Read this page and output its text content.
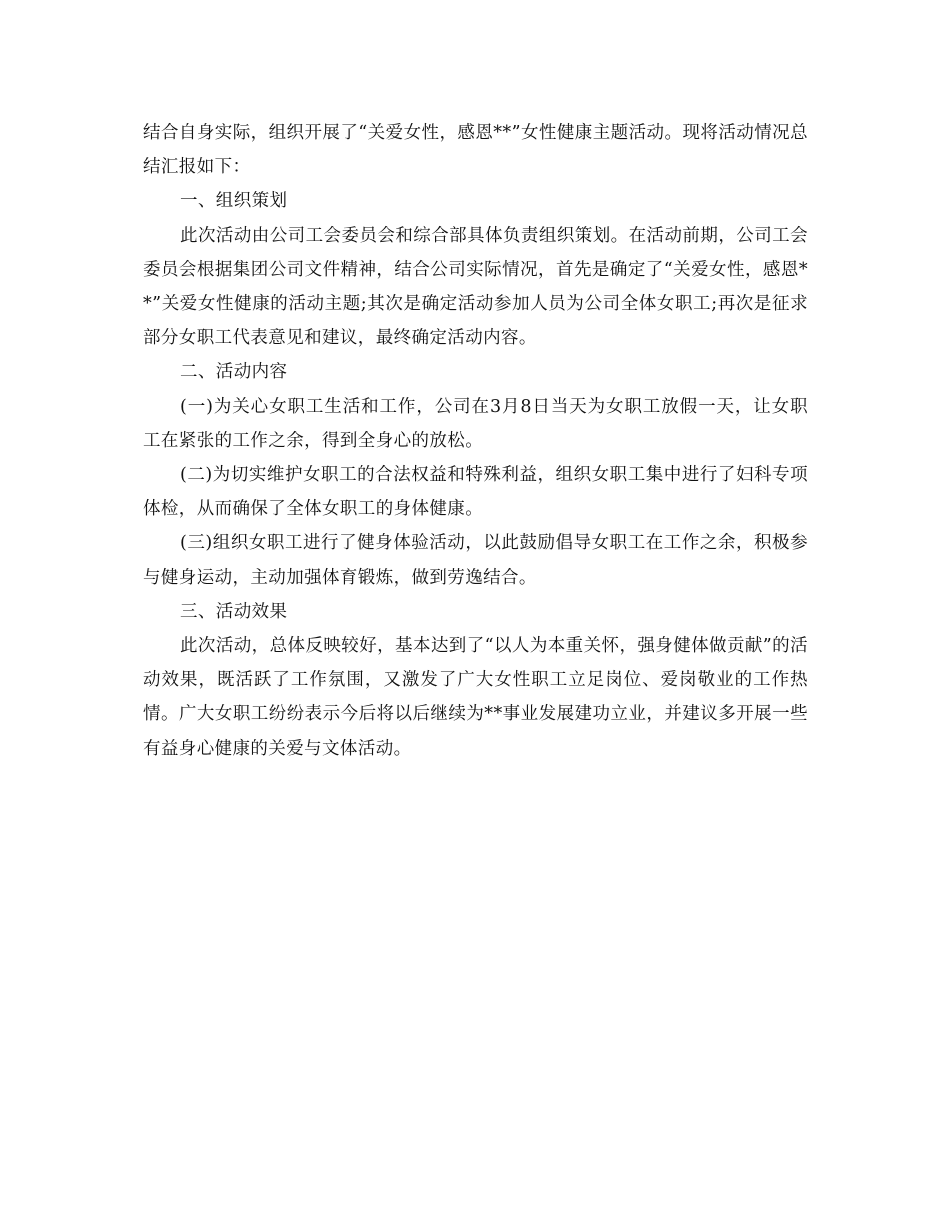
结合自身实际，组织开展了“关爱女性，感恩**”女性健康主题活动。现将活动情况总结汇报如下：

一、组织策划

此次活动由公司工会委员会和综合部具体负责组织策划。在活动前期，公司工会委员会根据集团公司文件精神，结合公司实际情况，首先是确定了“关爱女性，感恩**”关爱女性健康的活动主题;其次是确定活动参加人员为公司全体女职工;再次是征求部分女职工代表意见和建议，最终确定活动内容。

二、活动内容

(一)为关心女职工生活和工作，公司在3月8日当天为女职工放假一天，让女职工在紧张的工作之余，得到全身心的放松。

(二)为切实维护女职工的合法权益和特殊利益，组织女职工集中进行了妇科专项体检，从而确保了全体女职工的身体健康。

(三)组织女职工进行了健身体验活动，以此鼓励倡导女职工在工作之余，积极参与健身运动，主动加强体育锻炼，做到劳逸结合。

三、活动效果

此次活动，总体反映较好，基本达到了“以人为本重关怀，强身健体做贡献”的活动效果，既活跃了工作氛围，又激发了广大女性职工立足岗位、爱岗敬业的工作热情。广大女职工纷纷表示今后将以后继续为**事业发展建功立业，并建议多开展一些有益身心健康的关爱与文体活动。
